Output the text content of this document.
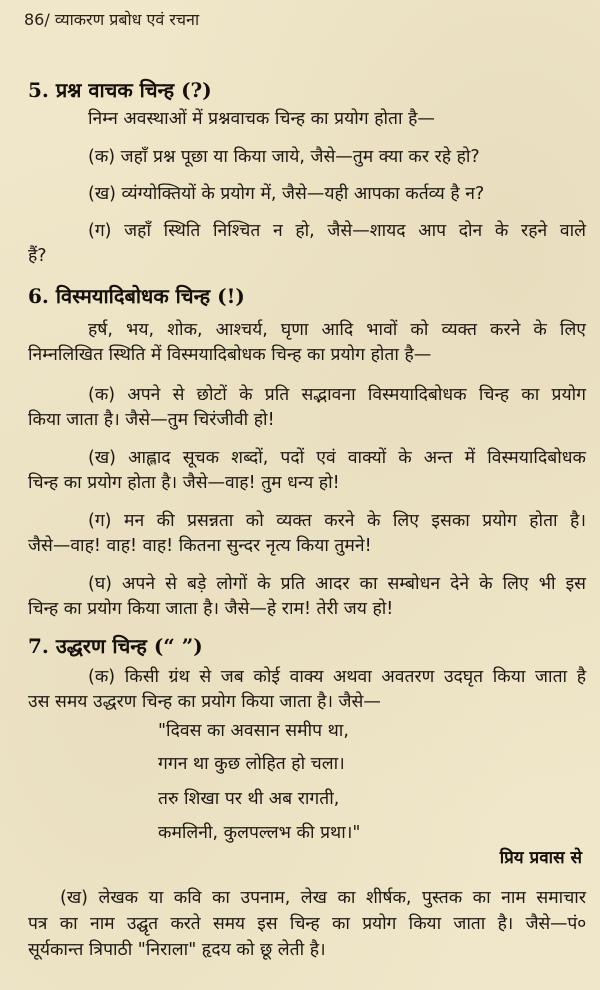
86/ व्याकरण प्रबोध एवं रचना
5. प्रश्न वाचक चिन्ह (?)
निम्न अवस्थाओं में प्रश्नवाचक चिन्ह का प्रयोग होता है—
(क) जहाँ प्रश्न पूछा या किया जाये, जैसे—तुम क्या कर रहे हो?
(ख) व्यंग्योक्तियों के प्रयोग में, जैसे—यही आपका कर्तव्य है न?
(ग) जहाँ स्थिति निश्चित न हो, जैसे—शायद आप दोन के रहने वाले
हैं?
6. विस्मयादिबोधक चिन्ह (!)
हर्ष, भय, शोक, आश्चर्य, घृणा आदि भावों को व्यक्त करने के लिए
निम्नलिखित स्थिति में विस्मयादिबोधक चिन्ह का प्रयोग होता है—
(क) अपने से छोटों के प्रति सद्भावना विस्मयादिबोधक चिन्ह का प्रयोग
किया जाता है। जैसे—तुम चिरंजीवी हो!
(ख) आह्लाद सूचक शब्दों, पदों एवं वाक्यों के अन्त में विस्मयादिबोधक
चिन्ह का प्रयोग होता है। जैसे—वाह! तुम धन्य हो!
(ग) मन की प्रसन्नता को व्यक्त करने के लिए इसका प्रयोग होता है।
जैसे—वाह! वाह! वाह! कितना सुन्दर नृत्य किया तुमने!
(घ) अपने से बड़े लोगों के प्रति आदर का सम्बोधन देने के लिए भी इस
चिन्ह का प्रयोग किया जाता है। जैसे—हे राम! तेरी जय हो!
7. उद्धरण चिन्ह (“ ”)
(क) किसी ग्रंथ से जब कोई वाक्य अथवा अवतरण उदघृत किया जाता है
उस समय उद्धरण चिन्ह का प्रयोग किया जाता है। जैसे—
"दिवस का अवसान समीप था,
गगन था कुछ लोहित हो चला।
तरु शिखा पर थी अब रागती,
कमलिनी, कुलपल्लभ की प्रथा।"
प्रिय प्रवास से
(ख) लेखक या कवि का उपनाम, लेख का शीर्षक, पुस्तक का नाम समाचार
पत्र का नाम उद्घृत करते समय इस चिन्ह का प्रयोग किया जाता है। जैसे—पं०
सूर्यकान्त त्रिपाठी "निराला" हृदय को छू लेती है।
